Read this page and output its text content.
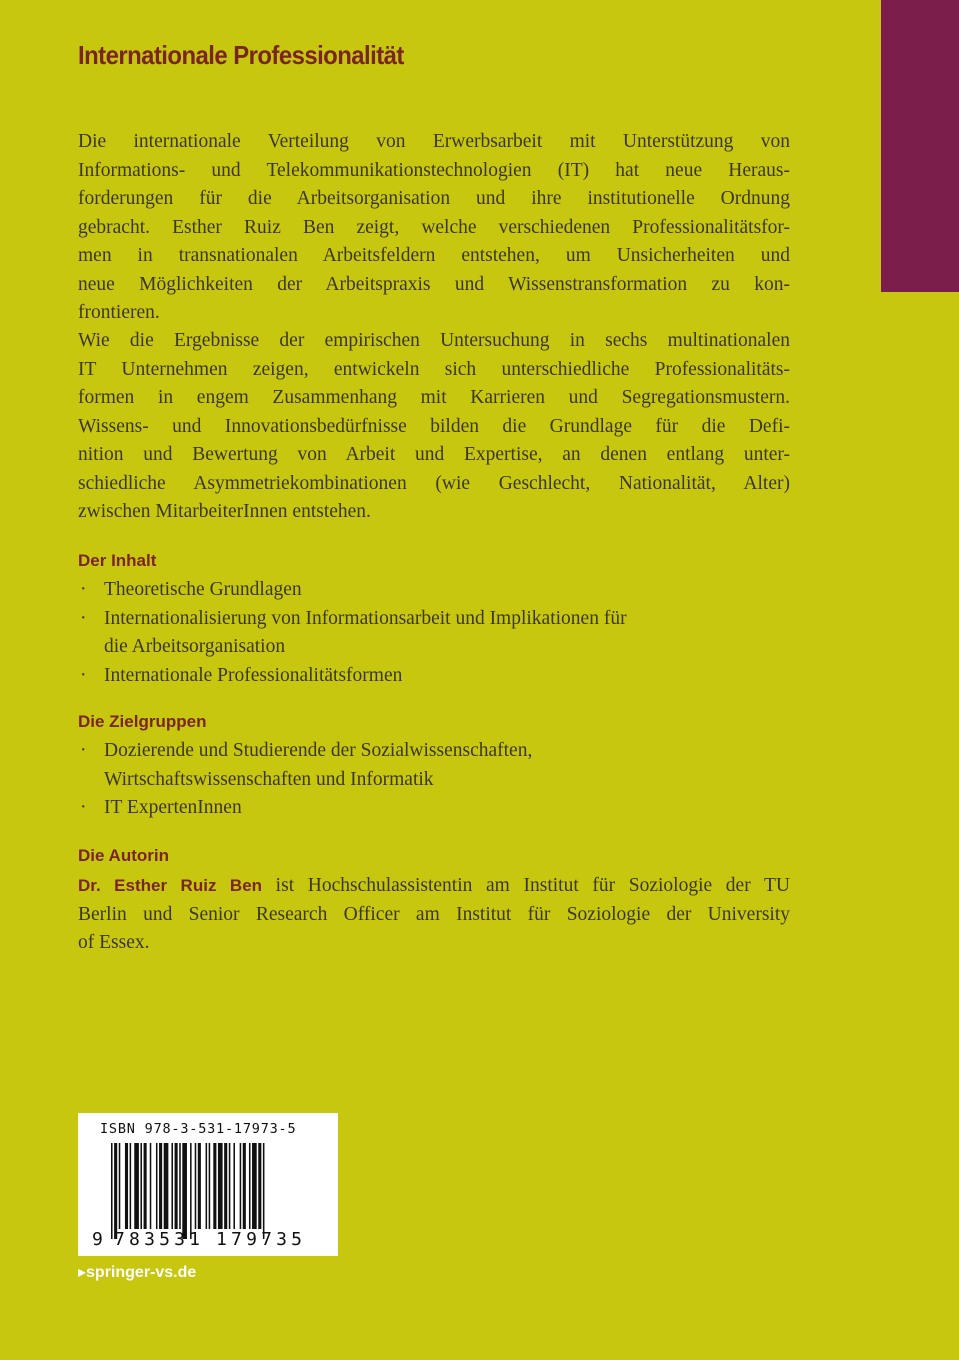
Internationale Professionalität
Die internationale Verteilung von Erwerbsarbeit mit Unterstützung von
Informations- und Telekommunikationstechnologien (IT) hat neue Heraus-
forderungen für die Arbeitsorganisation und ihre institutionelle Ordnung
gebracht. Esther Ruiz Ben zeigt, welche verschiedenen Professionalitätsfor-
men in transnationalen Arbeitsfeldern entstehen, um Unsicherheiten und
neue Möglichkeiten der Arbeitspraxis und Wissenstransformation zu kon-
frontieren.
Wie die Ergebnisse der empirischen Untersuchung in sechs multinationalen
IT Unternehmen zeigen, entwickeln sich unterschiedliche Professionalitäts-
formen in engem Zusammenhang mit Karrieren und Segregationsmustern.
Wissens- und Innovationsbedürfnisse bilden die Grundlage für die Defi-
nition und Bewertung von Arbeit und Expertise, an denen entlang unter-
schiedliche Asymmetriekombinationen (wie Geschlecht, Nationalität, Alter)
zwischen MitarbeiterInnen entstehen.
Der Inhalt
· Theoretische Grundlagen
· Internationalisierung von Informationsarbeit und Implikationen für
die Arbeitsorganisation
· Internationale Professionalitätsformen
Die Zielgruppen
· Dozierende und Studierende der Sozialwissenschaften,
Wirtschaftswissenschaften und Informatik
· IT ExpertenInnen
Die Autorin
Dr. Esther Ruiz Ben ist Hochschulassistentin am Institut für Soziologie der TU
Berlin und Senior Research Officer am Institut für Soziologie der University
of Essex.
ISBN 978-3-531-17973-5
9 783531 179735
▸springer-vs.de
